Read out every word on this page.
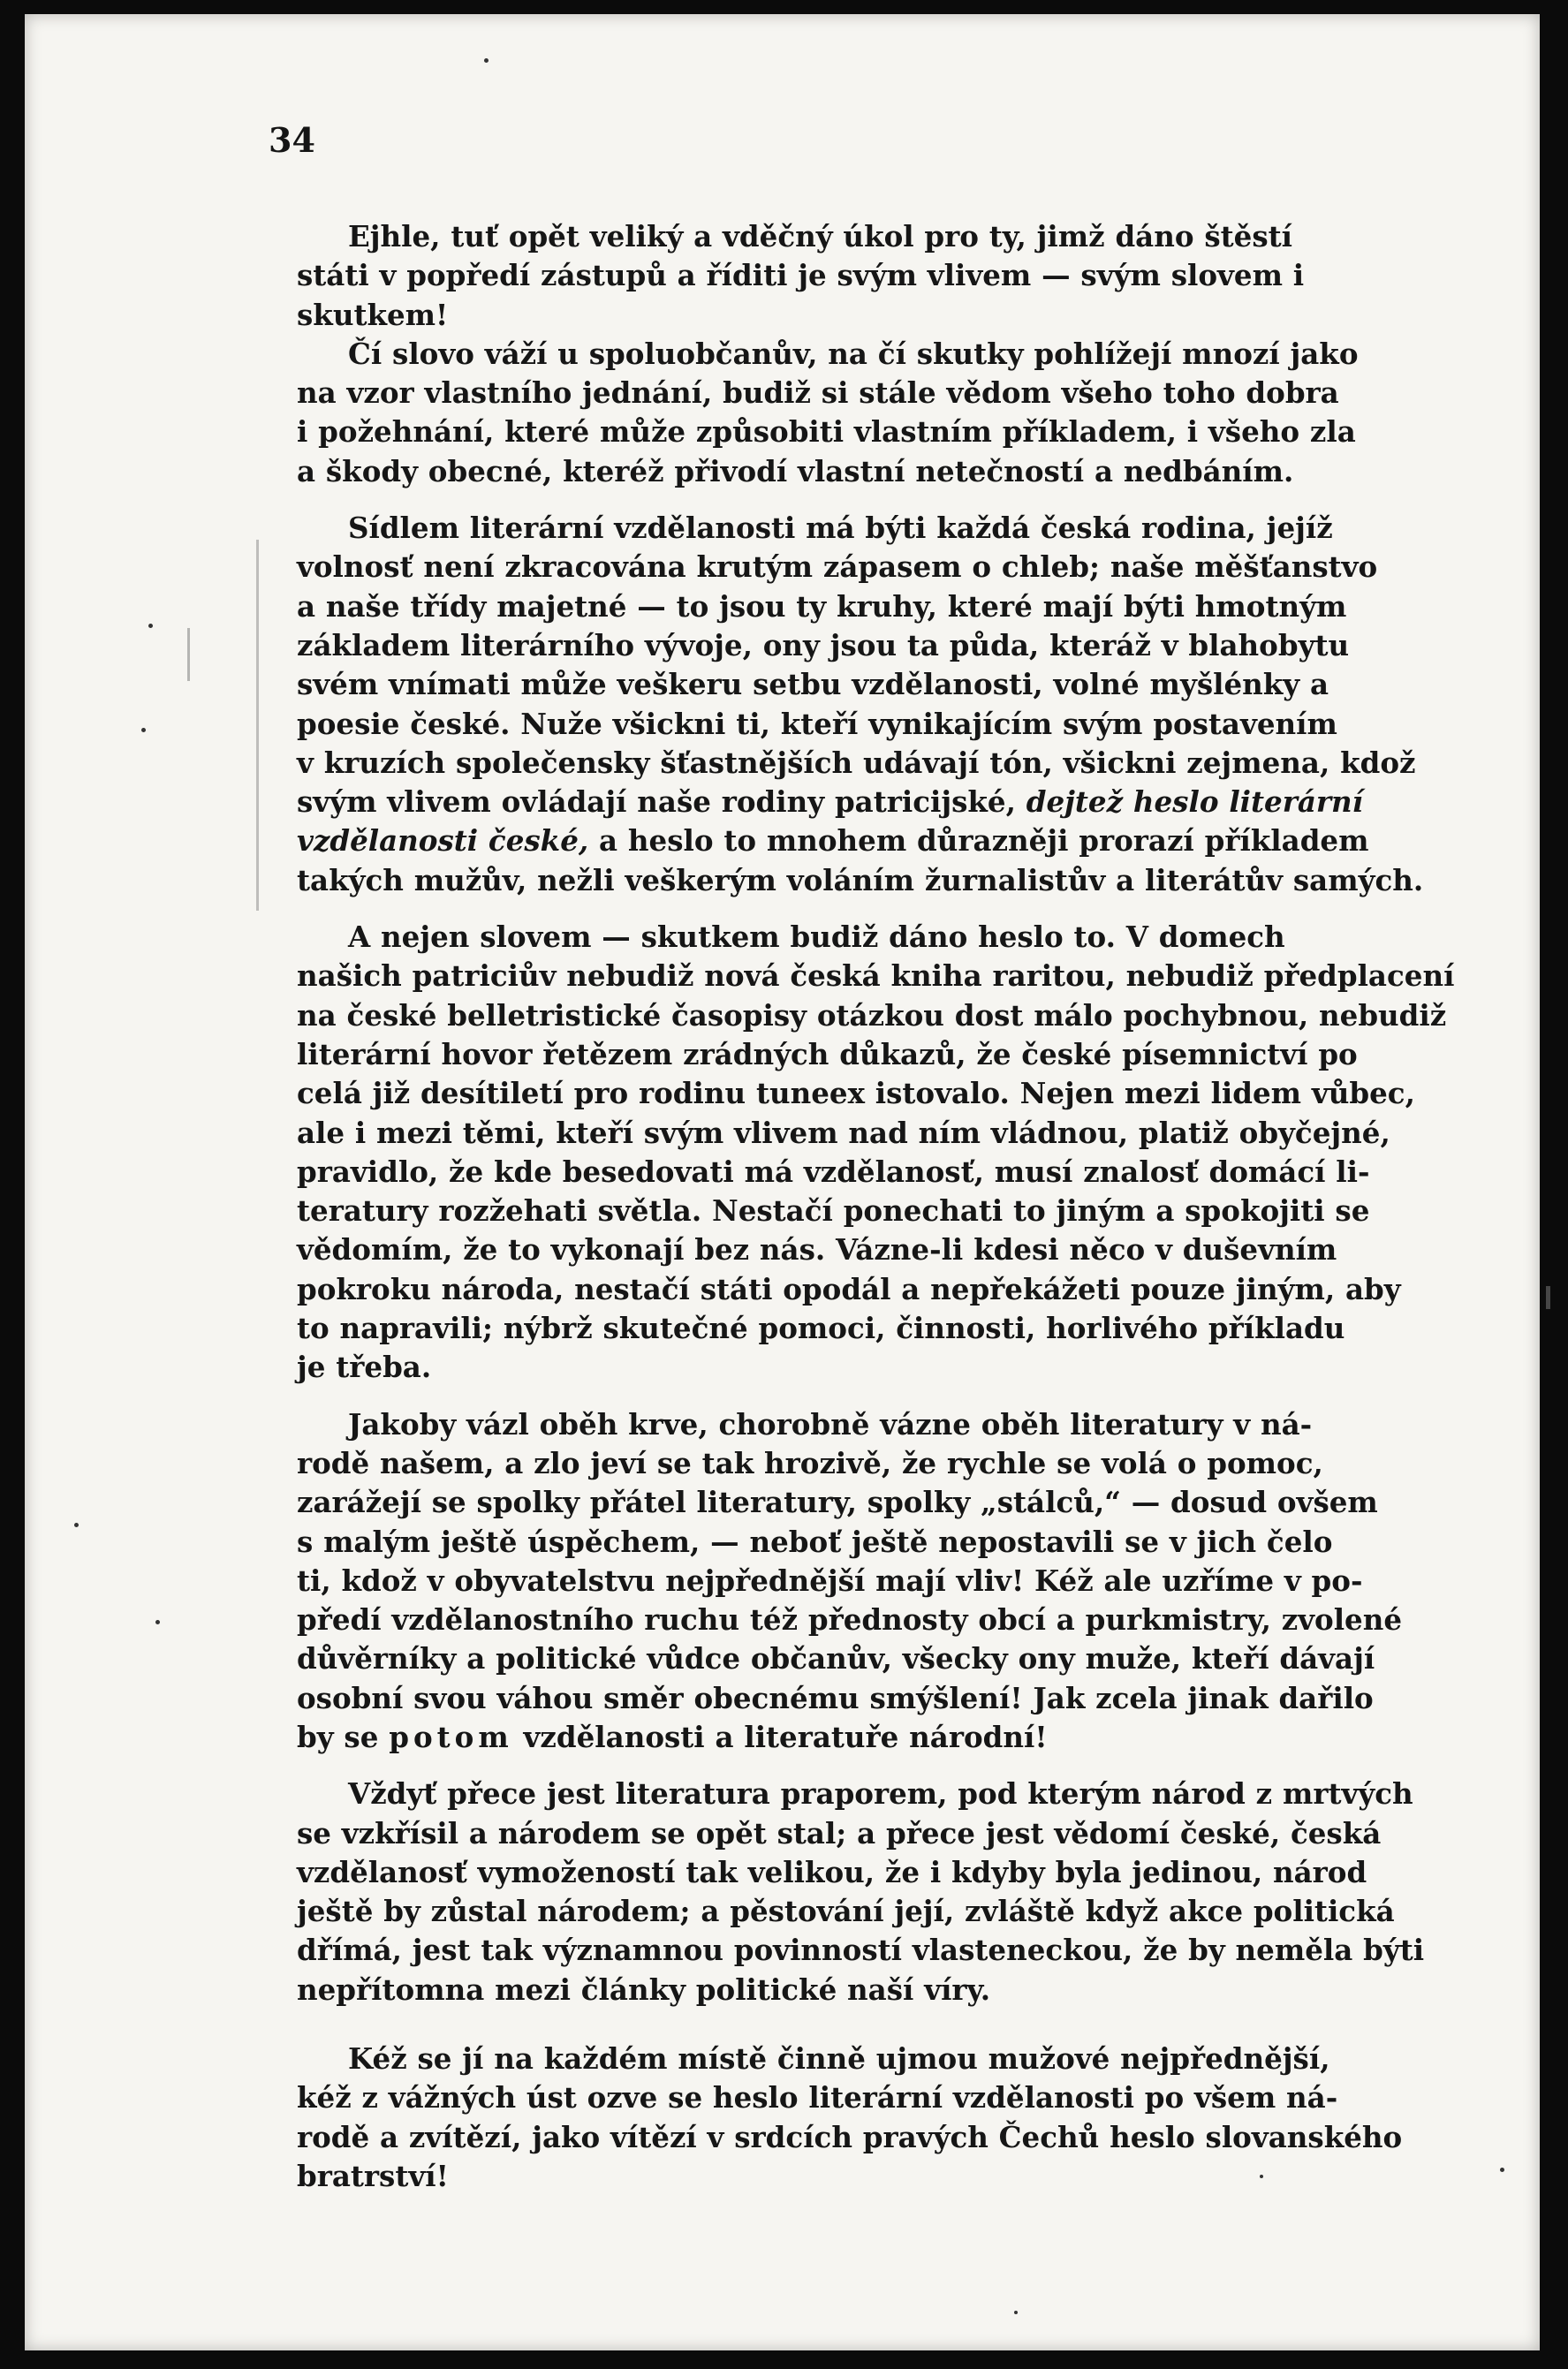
34

Ejhle, tuť opět veliký a vděčný úkol pro ty, jimž dáno štěstí
státi v popředí zástupů a říditi je svým vlivem — svým slovem i
skutkem!

Čí slovo váží u spoluobčanův, na čí skutky pohlížejí mnozí jako
na vzor vlastního jednání, budiž si stále vědom všeho toho dobra
i požehnání, které může způsobiti vlastním příkladem, i všeho zla
a škody obecné, kteréž přivodí vlastní netečností a nedbáním.

Sídlem literární vzdělanosti má býti každá česká rodina, jejíž
volnosť není zkracována krutým zápasem o chleb; naše měšťanstvo
a naše třídy majetné — to jsou ty kruhy, které mají býti hmotným
základem literárního vývoje, ony jsou ta půda, kteráž v blahobytu
svém vnímati může veškeru setbu vzdělanosti, volné myšlénky a
poesie české. Nuže všickni ti, kteří vynikajícím svým postavením
v kruzích společensky šťastnějších udávají tón, všickni zejmena, kdož
svým vlivem ovládají naše rodiny patricijské, dejtež heslo literární
vzdělanosti české, a heslo to mnohem důrazněji prorazí příkladem
takých mužův, nežli veškerým voláním žurnalistův a literátův samých.

A nejen slovem — skutkem budiž dáno heslo to. V domech
našich patriciův nebudiž nová česká kniha raritou, nebudiž předplacení
na české belletristické časopisy otázkou dost málo pochybnou, nebudiž
literární hovor řetězem zrádných důkazů, že české písemnictví po
celá již desítiletí pro rodinu tuneex istovalo. Nejen mezi lidem vůbec,
ale i mezi těmi, kteří svým vlivem nad ním vládnou, platiž obyčejné,
pravidlo, že kde besedovati má vzdělanosť, musí znalosť domácí li-
teratury rozžehati světla. Nestačí ponechati to jiným a spokojiti se
vědomím, že to vykonají bez nás. Vázne-li kdesi něco v duševním
pokroku národa, nestačí státi opodál a nepřekážeti pouze jiným, aby
to napravili; nýbrž skutečné pomoci, činnosti, horlivého příkladu
je třeba.

Jakoby vázl oběh krve, chorobně vázne oběh literatury v ná-
rodě našem, a zlo jeví se tak hrozivě, že rychle se volá o pomoc,
zarážejí se spolky přátel literatury, spolky „stálců,“ — dosud ovšem
s malým ještě úspěchem, — neboť ještě nepostavili se v jich čelo
ti, kdož v obyvatelstvu nejpřednější mají vliv! Kéž ale uzříme v po-
předí vzdělanostního ruchu též přednosty obcí a purkmistry, zvolené
důvěrníky a politické vůdce občanův, všecky ony muže, kteří dávají
osobní svou váhou směr obecnému smýšlení! Jak zcela jinak dařilo
by se potom vzdělanosti a literatuře národní!

Vždyť přece jest literatura praporem, pod kterým národ z mrtvých
se vzkřísil a národem se opět stal; a přece jest vědomí české, česká
vzdělanosť vymožeností tak velikou, že i kdyby byla jedinou, národ
ještě by zůstal národem; a pěstování její, zvláště když akce politická
dřímá, jest tak významnou povinností vlasteneckou, že by neměla býti
nepřítomna mezi články politické naší víry.

Kéž se jí na každém místě činně ujmou mužové nejpřednější,
kéž z vážných úst ozve se heslo literární vzdělanosti po všem ná-
rodě a zvítězí, jako vítězí v srdcích pravých Čechů heslo slovanského
bratrství!
